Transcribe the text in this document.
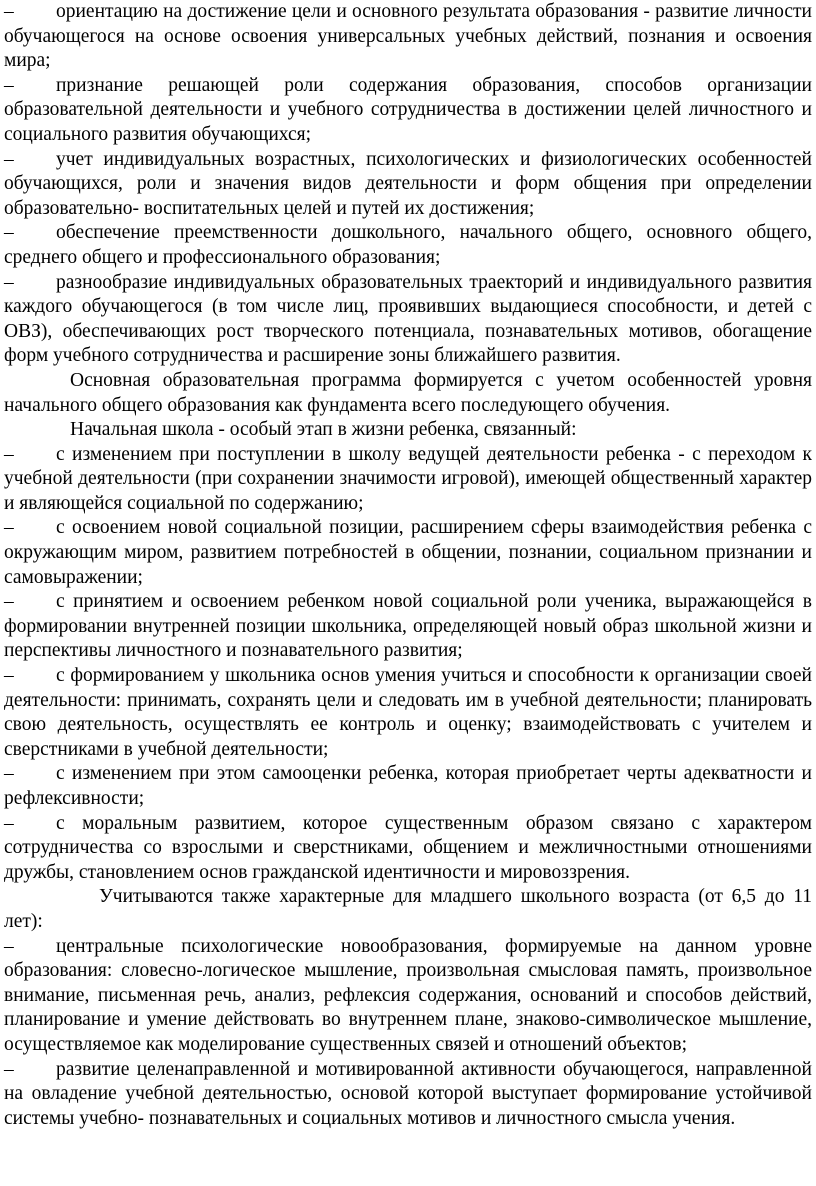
– ориентацию на достижение цели и основного результата образования - развитие личности обучающегося на основе освоения универсальных учебных действий, познания и освоения мира;

– признание решающей роли содержания образования, способов организации образовательной деятельности и учебного сотрудничества в достижении целей личностного и социального развития обучающихся;

– учет индивидуальных возрастных, психологических и физиологических особенностей обучающихся, роли и значения видов деятельности и форм общения при определении образовательно- воспитательных целей и путей их достижения;

– обеспечение преемственности дошкольного, начального общего, основного общего, среднего общего и профессионального образования;

– разнообразие индивидуальных образовательных траекторий и индивидуального развития каждого обучающегося (в том числе лиц, проявивших выдающиеся способности, и детей с ОВЗ), обеспечивающих рост творческого потенциала, познавательных мотивов, обогащение форм учебного сотрудничества и расширение зоны ближайшего развития.

Основная образовательная программа формируется с учетом особенностей уровня начального общего образования как фундамента всего последующего обучения.

Начальная школа - особый этап в жизни ребенка, связанный:

– с изменением при поступлении в школу ведущей деятельности ребенка - с переходом к учебной деятельности (при сохранении значимости игровой), имеющей общественный характер и являющейся социальной по содержанию;

– с освоением новой социальной позиции, расширением сферы взаимодействия ребенка с окружающим миром, развитием потребностей в общении, познании, социальном признании и самовыражении;

– с принятием и освоением ребенком новой социальной роли ученика, выражающейся в формировании внутренней позиции школьника, определяющей новый образ школьной жизни и перспективы личностного и познавательного развития;

– с формированием у школьника основ умения учиться и способности к организации своей деятельности: принимать, сохранять цели и следовать им в учебной деятельности; планировать свою деятельность, осуществлять ее контроль и оценку; взаимодействовать с учителем и сверстниками в учебной деятельности;

– с изменением при этом самооценки ребенка, которая приобретает черты адекватности и рефлексивности;

– с моральным развитием, которое существенным образом связано с характером сотрудничества со взрослыми и сверстниками, общением и межличностными отношениями дружбы, становлением основ гражданской идентичности и мировоззрения.

Учитываются также характерные для младшего школьного возраста (от 6,5 до 11 лет):

– центральные психологические новообразования, формируемые на данном уровне образования: словесно-логическое мышление, произвольная смысловая память, произвольное внимание, письменная речь, анализ, рефлексия содержания, оснований и способов действий, планирование и умение действовать во внутреннем плане, знаково-символическое мышление, осуществляемое как моделирование существенных связей и отношений объектов;

– развитие целенаправленной и мотивированной активности обучающегося, направленной на овладение учебной деятельностью, основой которой выступает формирование устойчивой системы учебно- познавательных и социальных мотивов и личностного смысла учения.
